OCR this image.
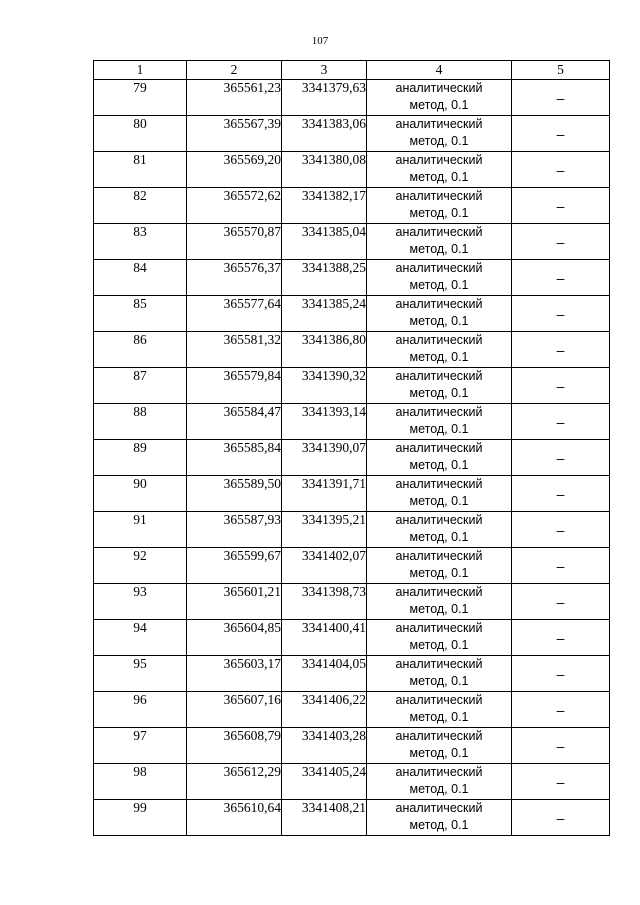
107
1	2	3	4	5
79	365561,23	3341379,63	аналитический
метод, 0.1	–
80	365567,39	3341383,06	аналитический
метод, 0.1	–
81	365569,20	3341380,08	аналитический
метод, 0.1	–
82	365572,62	3341382,17	аналитический
метод, 0.1	–
83	365570,87	3341385,04	аналитический
метод, 0.1	–
84	365576,37	3341388,25	аналитический
метод, 0.1	–
85	365577,64	3341385,24	аналитический
метод, 0.1	–
86	365581,32	3341386,80	аналитический
метод, 0.1	–
87	365579,84	3341390,32	аналитический
метод, 0.1	–
88	365584,47	3341393,14	аналитический
метод, 0.1	–
89	365585,84	3341390,07	аналитический
метод, 0.1	–
90	365589,50	3341391,71	аналитический
метод, 0.1	–
91	365587,93	3341395,21	аналитический
метод, 0.1	–
92	365599,67	3341402,07	аналитический
метод, 0.1	–
93	365601,21	3341398,73	аналитический
метод, 0.1	–
94	365604,85	3341400,41	аналитический
метод, 0.1	–
95	365603,17	3341404,05	аналитический
метод, 0.1	–
96	365607,16	3341406,22	аналитический
метод, 0.1	–
97	365608,79	3341403,28	аналитический
метод, 0.1	–
98	365612,29	3341405,24	аналитический
метод, 0.1	–
99	365610,64	3341408,21	аналитический
метод, 0.1	–
